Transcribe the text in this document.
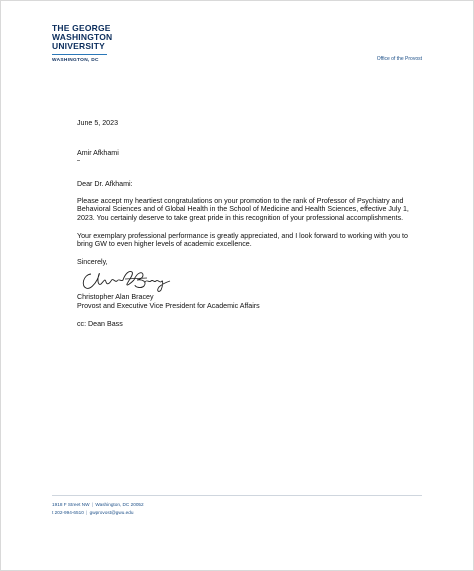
THE GEORGE
WASHINGTON
UNIVERSITY
WASHINGTON, DC	Office of the Provost

June 5, 2023

Amir Afkhami

Dear Dr. Afkhami:

Please accept my heartiest congratulations on your promotion to the rank of Professor of Psychiatry and Behavioral Sciences and of Global Health in the School of Medicine and Health Sciences, effective July 1, 2023. You certainly deserve to take great pride in this recognition of your professional accomplishments.

Your exemplary professional performance is greatly appreciated, and I look forward to working with you to bring GW to even higher levels of academic excellence.

Sincerely,

Christopher Alan Bracey

Provost and Executive Vice President for Academic Affairs

cc: Dean Bass

1918 F Street NW | Washington, DC 20052
t 202-994-6510 | gwprovost@gwu.edu
